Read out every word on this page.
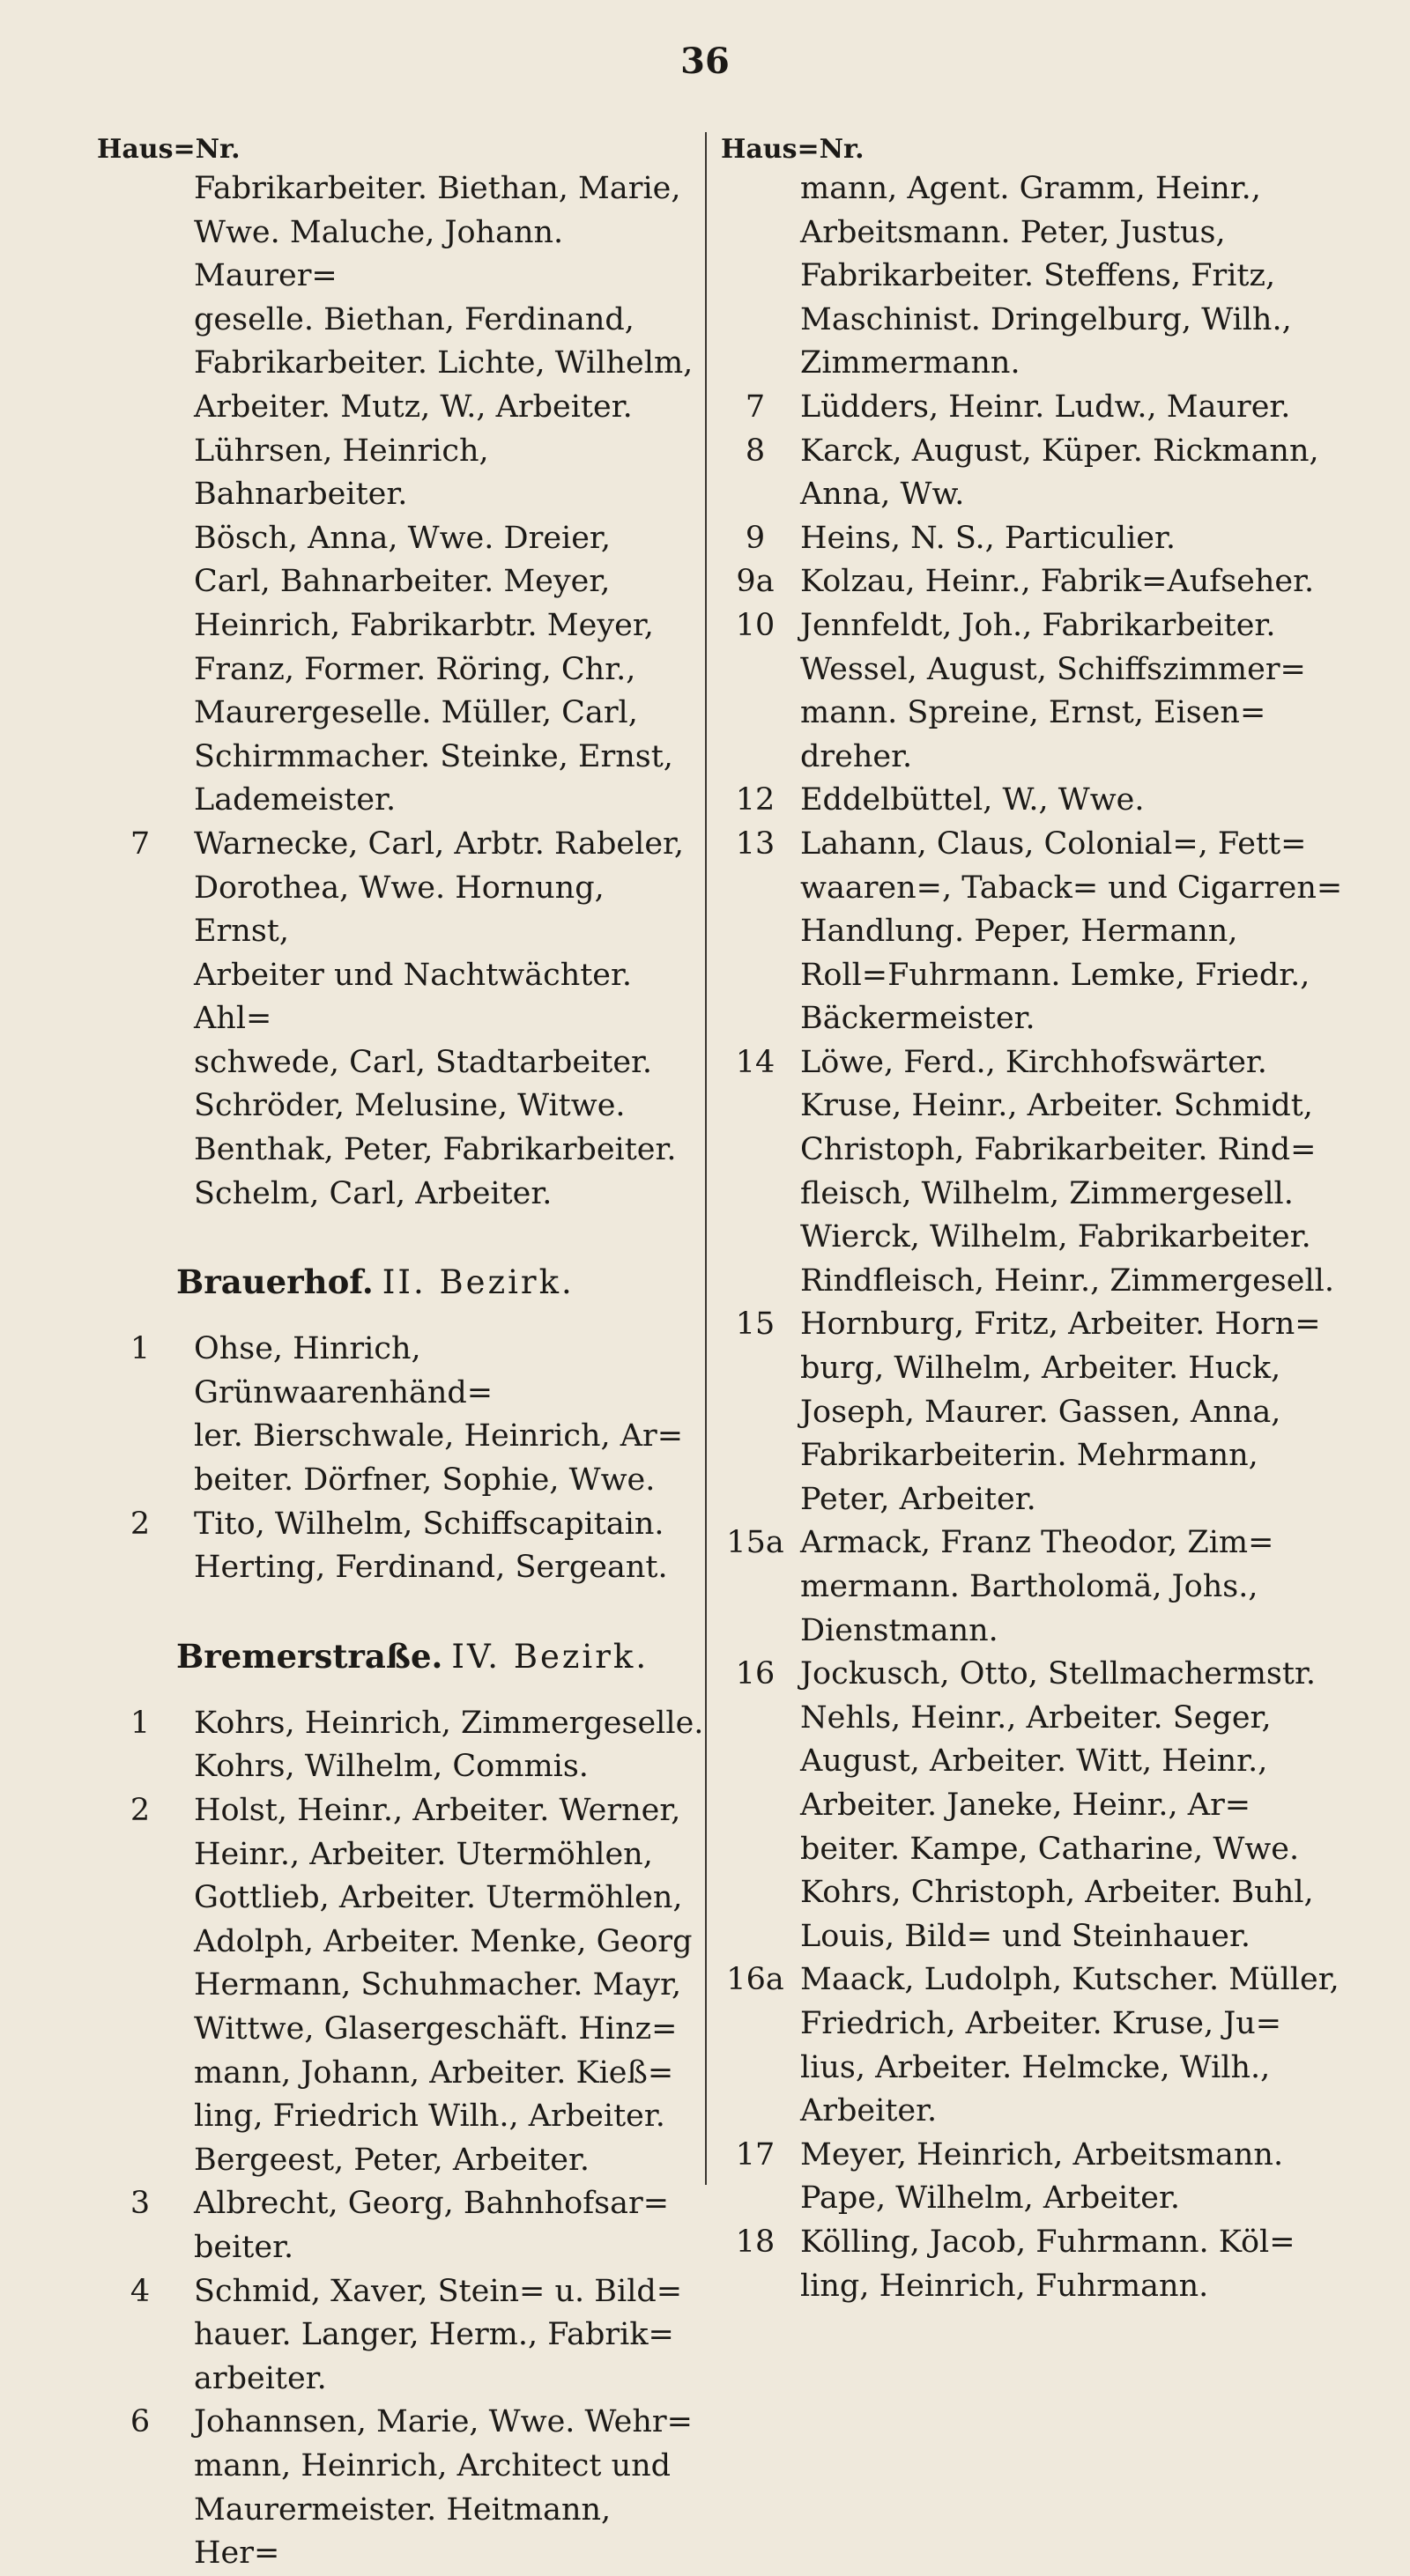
36
Haus=Nr.
Fabrikarbeiter. Biethan, Marie,
Wwe. Maluche, Johann. Maurer=
geselle. Biethan, Ferdinand,
Fabrikarbeiter. Lichte, Wilhelm,
Arbeiter. Mutz, W., Arbeiter.
Lührsen, Heinrich, Bahnarbeiter.
Bösch, Anna, Wwe. Dreier,
Carl, Bahnarbeiter. Meyer,
Heinrich, Fabrikarbtr. Meyer,
Franz, Former. Röring, Chr.,
Maurergeselle. Müller, Carl,
Schirmmacher. Steinke, Ernst,
Lademeister.
7	Warnecke, Carl, Arbtr. Rabeler,
Dorothea, Wwe. Hornung, Ernst,
Arbeiter und Nachtwächter. Ahl=
schwede, Carl, Stadtarbeiter.
Schröder, Melusine, Witwe.
Benthak, Peter, Fabrikarbeiter.
Schelm, Carl, Arbeiter.
Brauerhof. II. Bezirk.
1	Ohse, Hinrich, Grünwaarenhänd=
ler. Bierschwale, Heinrich, Ar=
beiter. Dörfner, Sophie, Wwe.
2	Tito, Wilhelm, Schiffscapitain.
Herting, Ferdinand, Sergeant.
Bremerstraße. IV. Bezirk.
1	Kohrs, Heinrich, Zimmergeselle.
Kohrs, Wilhelm, Commis.
2	Holst, Heinr., Arbeiter. Werner,
Heinr., Arbeiter. Utermöhlen,
Gottlieb, Arbeiter. Utermöhlen,
Adolph, Arbeiter. Menke, Georg
Hermann, Schuhmacher. Mayr,
Wittwe, Glasergeschäft. Hinz=
mann, Johann, Arbeiter. Kieß=
ling, Friedrich Wilh., Arbeiter.
Bergeest, Peter, Arbeiter.
3	Albrecht, Georg, Bahnhofsar=
beiter.
4	Schmid, Xaver, Stein= u. Bild=
hauer. Langer, Herm., Fabrik=
arbeiter.
6	Johannsen, Marie, Wwe. Wehr=
mann, Heinrich, Architect und
Maurermeister. Heitmann, Her=
Haus=Nr.
mann, Agent. Gramm, Heinr.,
Arbeitsmann. Peter, Justus,
Fabrikarbeiter. Steffens, Fritz,
Maschinist. Dringelburg, Wilh.,
Zimmermann.
7	Lüdders, Heinr. Ludw., Maurer.
8	Karck, August, Küper. Rickmann,
Anna, Ww.
9	Heins, N. S., Particulier.
9a Kolzau, Heinr., Fabrik=Aufseher.
10 Jennfeldt, Joh., Fabrikarbeiter.
Wessel, August, Schiffszimmer=
mann. Spreine, Ernst, Eisen=
dreher.
12 Eddelbüttel, W., Wwe.
13 Lahann, Claus, Colonial=, Fett=
waaren=, Taback= und Cigarren=
Handlung. Peper, Hermann,
Roll=Fuhrmann. Lemke, Friedr.,
Bäckermeister.
14 Löwe, Ferd., Kirchhofswärter.
Kruse, Heinr., Arbeiter. Schmidt,
Christoph, Fabrikarbeiter. Rind=
fleisch, Wilhelm, Zimmergesell.
Wierck, Wilhelm, Fabrikarbeiter.
Rindfleisch, Heinr., Zimmergesell.
15 Hornburg, Fritz, Arbeiter. Horn=
burg, Wilhelm, Arbeiter. Huck,
Joseph, Maurer. Gassen, Anna,
Fabrikarbeiterin. Mehrmann,
Peter, Arbeiter.
15a Armack, Franz Theodor, Zim=
mermann. Bartholomä, Johs.,
Dienstmann.
16 Jockusch, Otto, Stellmachermstr.
Nehls, Heinr., Arbeiter. Seger,
August, Arbeiter. Witt, Heinr.,
Arbeiter. Janeke, Heinr., Ar=
beiter. Kampe, Catharine, Wwe.
Kohrs, Christoph, Arbeiter. Buhl,
Louis, Bild= und Steinhauer.
16a Maack, Ludolph, Kutscher. Müller,
Friedrich, Arbeiter. Kruse, Ju=
lius, Arbeiter. Helmcke, Wilh.,
Arbeiter.
17 Meyer, Heinrich, Arbeitsmann.
Pape, Wilhelm, Arbeiter.
18 Kölling, Jacob, Fuhrmann. Köl=
ling, Heinrich, Fuhrmann.
